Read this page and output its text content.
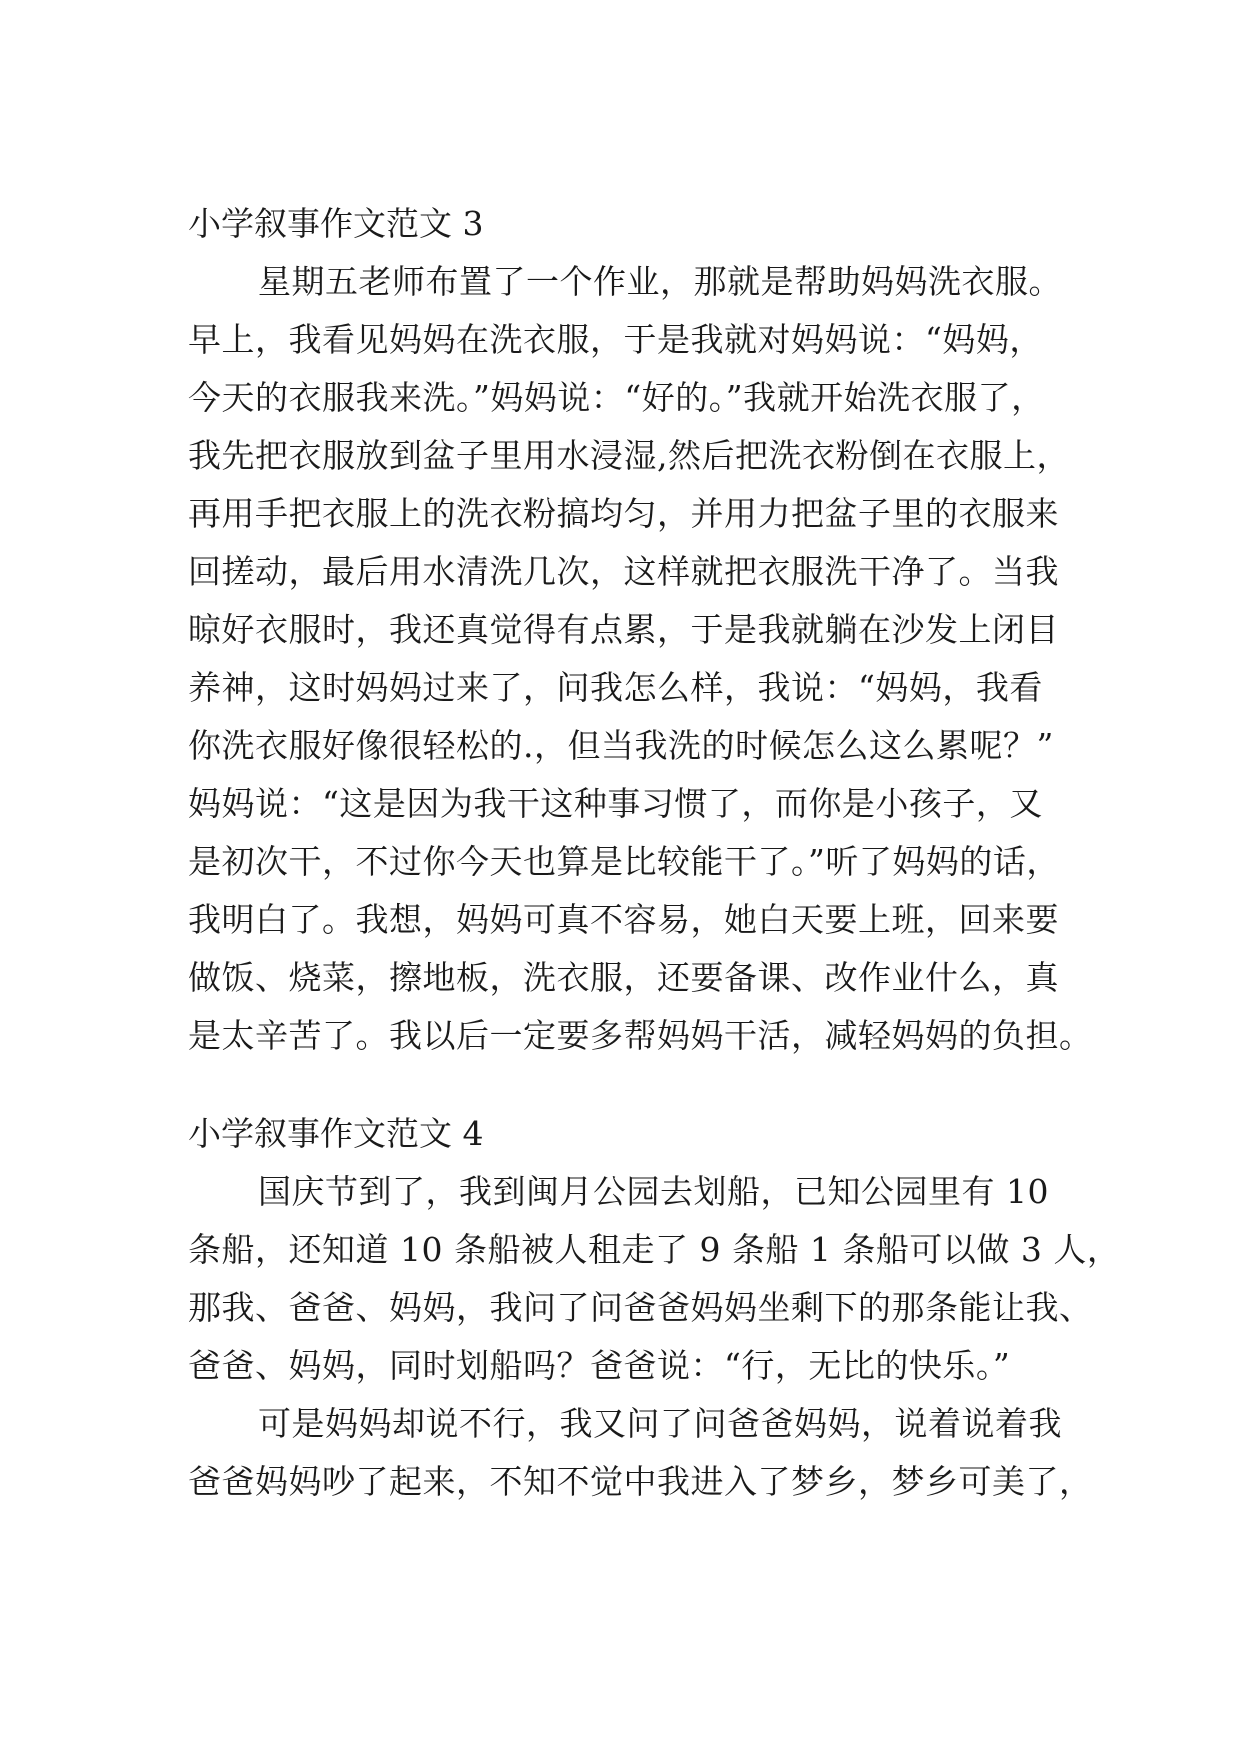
小学叙事作文范文 3

星期五老师布置了一个作业，那就是帮助妈妈洗衣服。
早上，我看见妈妈在洗衣服，于是我就对妈妈说：“妈妈，
今天的衣服我来洗。”妈妈说：“好的。”我就开始洗衣服了，
我先把衣服放到盆子里用水浸湿,然后把洗衣粉倒在衣服上，
再用手把衣服上的洗衣粉搞均匀，并用力把盆子里的衣服来
回搓动，最后用水清洗几次，这样就把衣服洗干净了。当我
晾好衣服时，我还真觉得有点累，于是我就躺在沙发上闭目
养神，这时妈妈过来了，问我怎么样，我说：“妈妈，我看
你洗衣服好像很轻松的.，但当我洗的时候怎么这么累呢？”
妈妈说：“这是因为我干这种事习惯了，而你是小孩子，又
是初次干，不过你今天也算是比较能干了。”听了妈妈的话，
我明白了。我想，妈妈可真不容易，她白天要上班，回来要
做饭、烧菜，擦地板，洗衣服，还要备课、改作业什么，真
是太辛苦了。我以后一定要多帮妈妈干活，减轻妈妈的负担。

小学叙事作文范文 4

国庆节到了，我到闽月公园去划船，已知公园里有 10
条船，还知道 10 条船被人租走了 9 条船 1 条船可以做 3 人，
那我、爸爸、妈妈，我问了问爸爸妈妈坐剩下的那条能让我、
爸爸、妈妈，同时划船吗？爸爸说：“行，无比的快乐。”
可是妈妈却说不行，我又问了问爸爸妈妈，说着说着我
爸爸妈妈吵了起来，不知不觉中我进入了梦乡，梦乡可美了，
